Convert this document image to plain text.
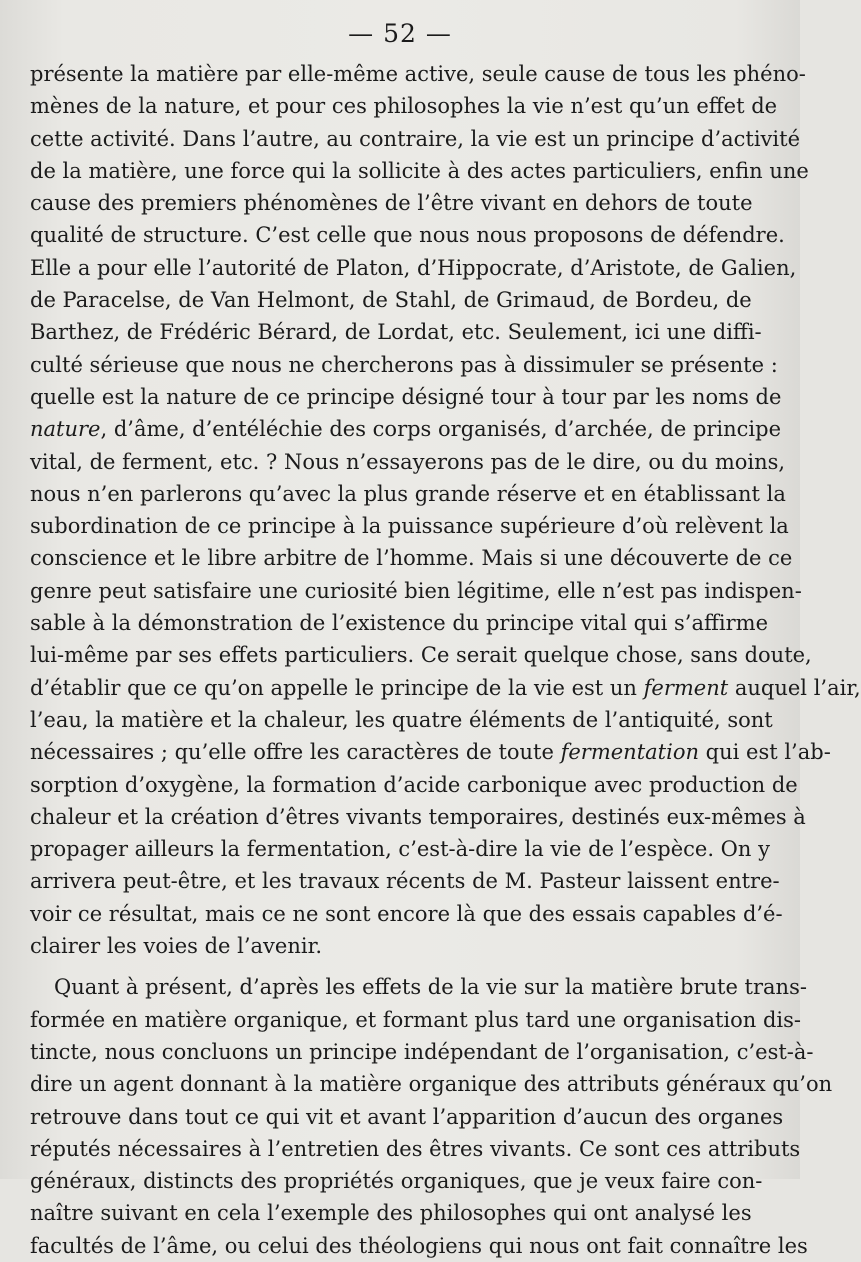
— 52 —
présente la matière par elle-même active, seule cause de tous les phéno-
mènes de la nature, et pour ces philosophes la vie n’est qu’un effet de
cette activité. Dans l’autre, au contraire, la vie est un principe d’activité
de la matière, une force qui la sollicite à des actes particuliers, enfin une
cause des premiers phénomènes de l’être vivant en dehors de toute
qualité de structure. C’est celle que nous nous proposons de défendre.
Elle a pour elle l’autorité de Platon, d’Hippocrate, d’Aristote, de Galien,
de Paracelse, de Van Helmont, de Stahl, de Grimaud, de Bordeu, de
Barthez, de Frédéric Bérard, de Lordat, etc. Seulement, ici une diffi-
culté sérieuse que nous ne chercherons pas à dissimuler se présente :
quelle est la nature de ce principe désigné tour à tour par les noms de
nature, d’âme, d’entéléchie des corps organisés, d’archée, de principe
vital, de ferment, etc. ? Nous n’essayerons pas de le dire, ou du moins,
nous n’en parlerons qu’avec la plus grande réserve et en établissant la
subordination de ce principe à la puissance supérieure d’où relèvent la
conscience et le libre arbitre de l’homme. Mais si une découverte de ce
genre peut satisfaire une curiosité bien légitime, elle n’est pas indispen-
sable à la démonstration de l’existence du principe vital qui s’affirme
lui-même par ses effets particuliers. Ce serait quelque chose, sans doute,
d’établir que ce qu’on appelle le principe de la vie est un ferment auquel l’air,
l’eau, la matière et la chaleur, les quatre éléments de l’antiquité, sont
nécessaires ; qu’elle offre les caractères de toute fermentation qui est l’ab-
sorption d’oxygène, la formation d’acide carbonique avec production de
chaleur et la création d’êtres vivants temporaires, destinés eux-mêmes à
propager ailleurs la fermentation, c’est-à-dire la vie de l’espèce. On y
arrivera peut-être, et les travaux récents de M. Pasteur laissent entre-
voir ce résultat, mais ce ne sont encore là que des essais capables d’é-
clairer les voies de l’avenir.
Quant à présent, d’après les effets de la vie sur la matière brute trans-
formée en matière organique, et formant plus tard une organisation dis-
tincte, nous concluons un principe indépendant de l’organisation, c’est-à-
dire un agent donnant à la matière organique des attributs généraux qu’on
retrouve dans tout ce qui vit et avant l’apparition d’aucun des organes
réputés nécessaires à l’entretien des êtres vivants. Ce sont ces attributs
généraux, distincts des propriétés organiques, que je veux faire con-
naître suivant en cela l’exemple des philosophes qui ont analysé les
facultés de l’âme, ou celui des théologiens qui nous ont fait connaître les
